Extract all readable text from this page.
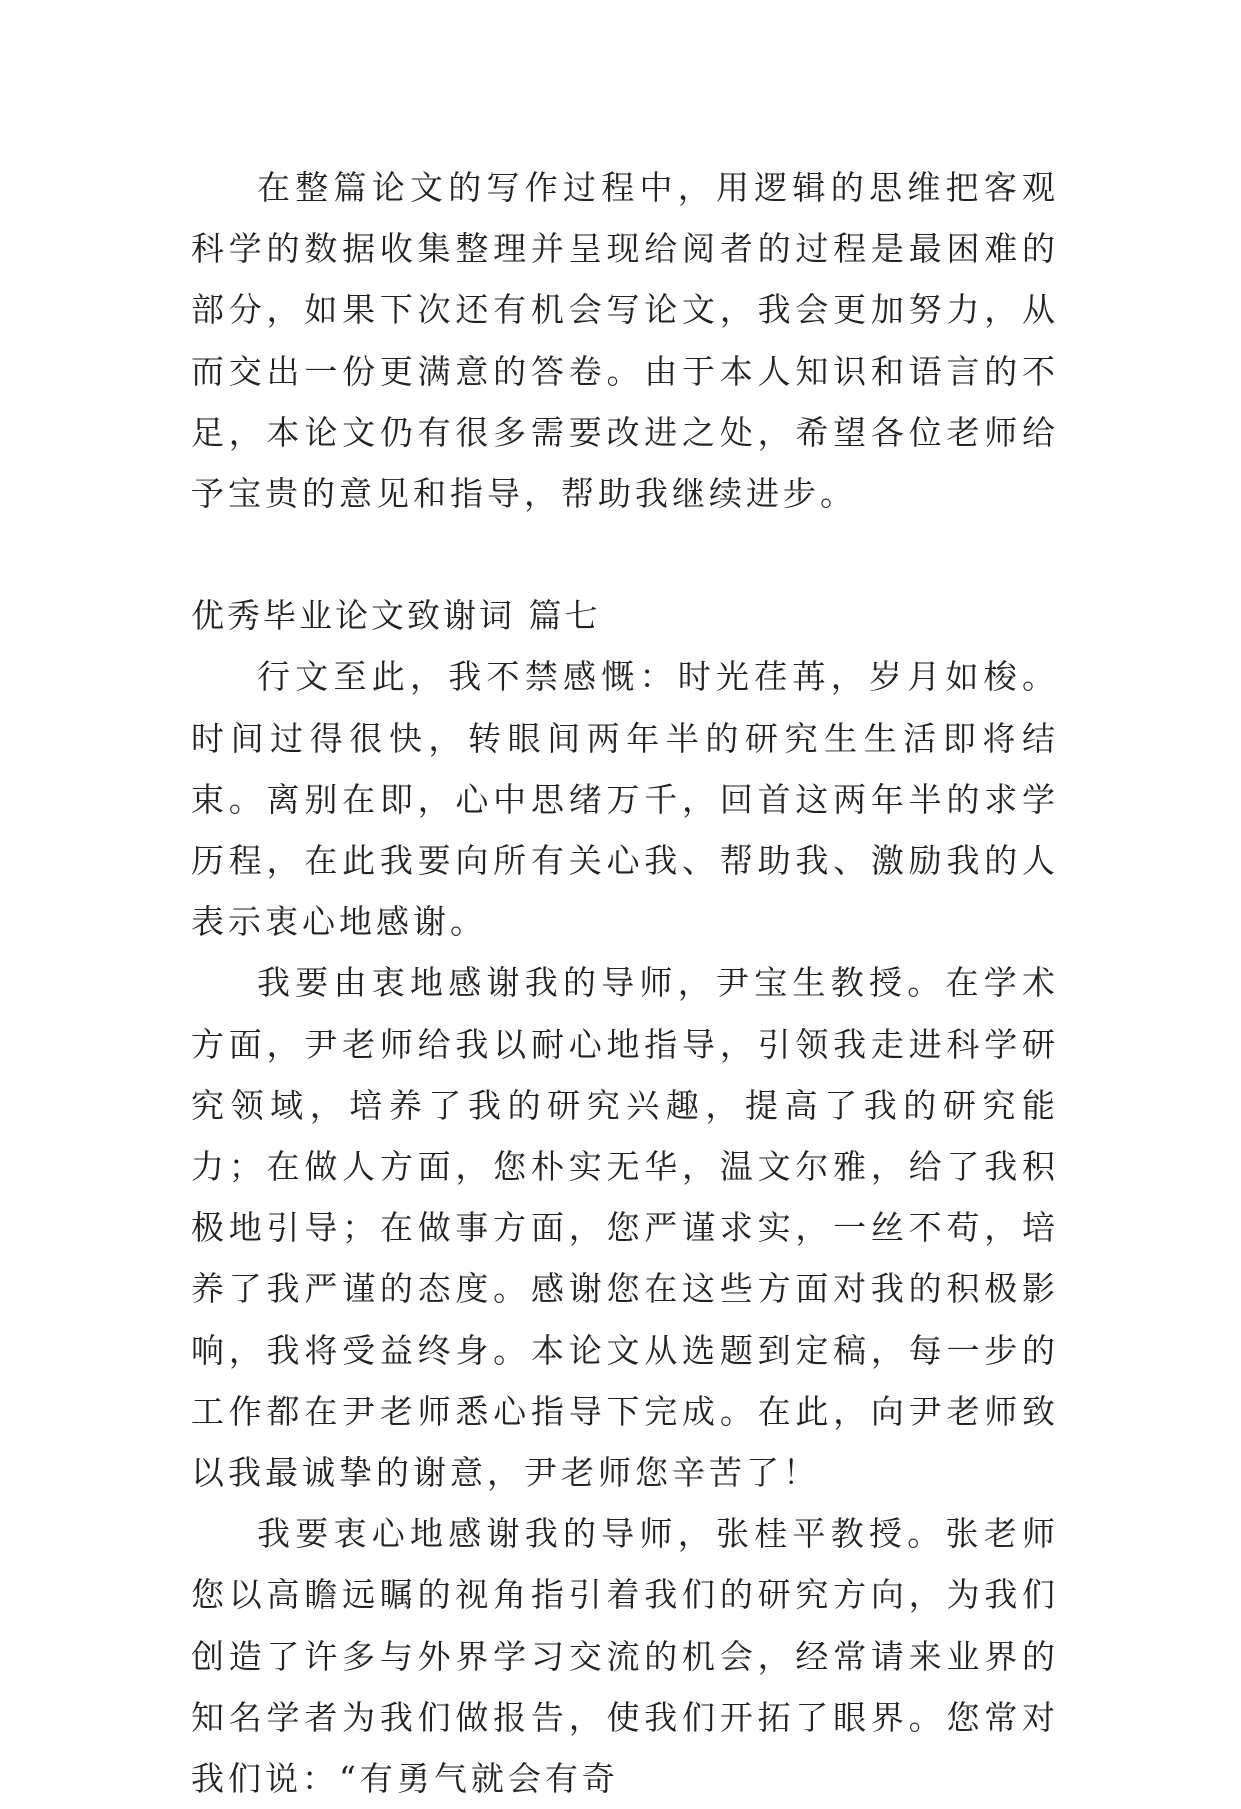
在整篇论文的写作过程中，用逻辑的思维把客观科学的数据收集整理并呈现给阅者的过程是最困难的部分，如果下次还有机会写论文，我会更加努力，从而交出一份更满意的答卷。由于本人知识和语言的不足，本论文仍有很多需要改进之处，希望各位老师给予宝贵的意见和指导，帮助我继续进步。

优秀毕业论文致谢词 篇七

行文至此，我不禁感慨：时光荏苒，岁月如梭。时间过得很快，转眼间两年半的研究生生活即将结束。离别在即，心中思绪万千，回首这两年半的求学历程，在此我要向所有关心我、帮助我、激励我的人表示衷心地感谢。

我要由衷地感谢我的导师，尹宝生教授。在学术方面，尹老师给我以耐心地指导，引领我走进科学研究领域，培养了我的研究兴趣，提高了我的研究能力；在做人方面，您朴实无华，温文尔雅，给了我积极地引导；在做事方面，您严谨求实，一丝不苟，培养了我严谨的态度。感谢您在这些方面对我的积极影响，我将受益终身。本论文从选题到定稿，每一步的工作都在尹老师悉心指导下完成。在此，向尹老师致以我最诚挚的谢意，尹老师您辛苦了！

我要衷心地感谢我的导师，张桂平教授。张老师您以高瞻远瞩的视角指引着我们的研究方向，为我们创造了许多与外界学习交流的机会，经常请来业界的知名学者为我们做报告，使我们开拓了眼界。您常对我们说：“有勇气就会有奇
